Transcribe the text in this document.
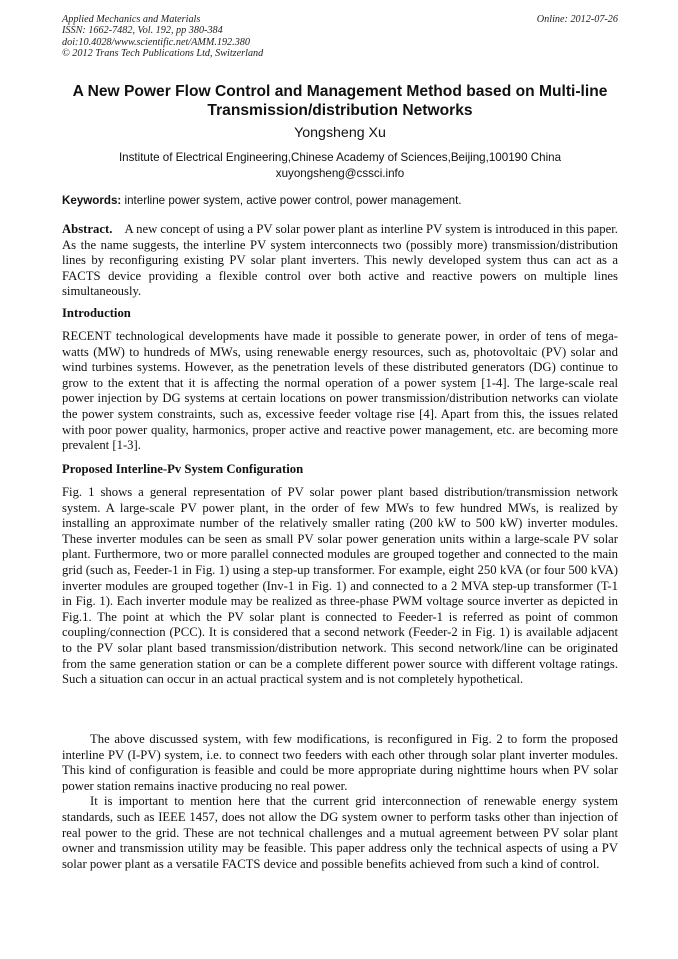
Applied Mechanics and Materials
ISSN: 1662-7482, Vol. 192, pp 380-384
doi:10.4028/www.scientific.net/AMM.192.380
© 2012 Trans Tech Publications Ltd, Switzerland
Online: 2012-07-26
A New Power Flow Control and Management Method based on Multi-line Transmission/distribution Networks
Yongsheng Xu
Institute of Electrical Engineering,Chinese Academy of Sciences,Beijing,100190 China
xuyongsheng@cssci.info
Keywords: interline power system, active power control, power management.

Abstract. A new concept of using a PV solar power plant as interline PV system is introduced in this paper. As the name suggests, the interline PV system interconnects two (possibly more) transmission/distribution lines by reconfiguring existing PV solar plant inverters. This newly developed system thus can act as a FACTS device providing a flexible control over both active and reactive powers on multiple lines simultaneously.

Introduction

RECENT technological developments have made it possible to generate power, in order of tens of mega-watts (MW) to hundreds of MWs, using renewable energy resources, such as, photovoltaic (PV) solar and wind turbines systems. However, as the penetration levels of these distributed generators (DG) continue to grow to the extent that it is affecting the normal operation of a power system [1-4]. The large-scale real power injection by DG systems at certain locations on power transmission/distribution networks can violate the power system constraints, such as, excessive feeder voltage rise [4]. Apart from this, the issues related with poor power quality, harmonics, proper active and reactive power management, etc. are becoming more prevalent [1-3].

Proposed Interline-Pv System Configuration

Fig. 1 shows a general representation of PV solar power plant based distribution/transmission network system. A large-scale PV power plant, in the order of few MWs to few hundred MWs, is realized by installing an approximate number of the relatively smaller rating (200 kW to 500 kW) inverter modules. These inverter modules can be seen as small PV solar power generation units within a large-scale PV solar plant. Furthermore, two or more parallel connected modules are grouped together and connected to the main grid (such as, Feeder-1 in Fig. 1) using a step-up transformer. For example, eight 250 kVA (or four 500 kVA) inverter modules are grouped together (Inv-1 in Fig. 1) and connected to a 2 MVA step-up transformer (T-1 in Fig. 1). Each inverter module may be realized as three-phase PWM voltage source inverter as depicted in Fig.1. The point at which the PV solar plant is connected to Feeder-1 is referred as point of common coupling/connection (PCC). It is considered that a second network (Feeder-2 in Fig. 1) is available adjacent to the PV solar plant based transmission/distribution network. This second network/line can be originated from the same generation station or can be a complete different power source with different voltage ratings. Such a situation can occur in an actual practical system and is not completely hypothetical.

The above discussed system, with few modifications, is reconfigured in Fig. 2 to form the proposed interline PV (I-PV) system, i.e. to connect two feeders with each other through solar plant inverter modules. This kind of configuration is feasible and could be more appropriate during nighttime hours when PV solar power station remains inactive producing no real power.

It is important to mention here that the current grid interconnection of renewable energy system standards, such as IEEE 1457, does not allow the DG system owner to perform tasks other than injection of real power to the grid. These are not technical challenges and a mutual agreement between PV solar plant owner and transmission utility may be feasible. This paper address only the technical aspects of using a PV solar power plant as a versatile FACTS device and possible benefits achieved from such a kind of control.
